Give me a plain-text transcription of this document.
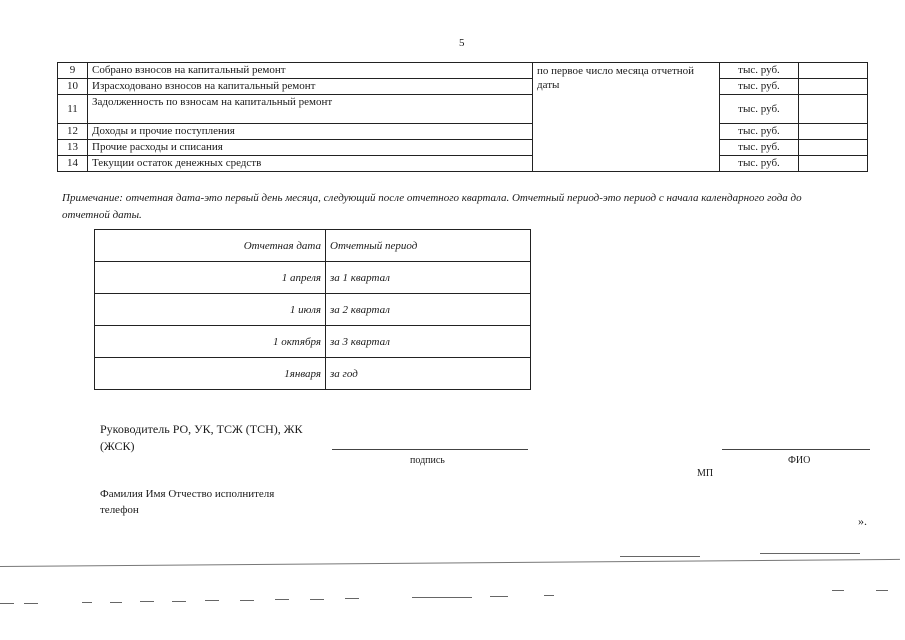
5
9	Собрано взносов на капитальный ремонт	по первое число месяца отчетной даты	тыс. руб.	
10	Израсходовано взносов на капитальный ремонт		тыс. руб.	
11	Задолженность по взносам на капитальный ремонт		тыс. руб.	
12	Доходы и прочие поступления		тыс. руб.	
13	Прочие расходы и списания		тыс. руб.	
14	Текущии остаток денежных средств		тыс. руб.	
Примечание: отчетная дата-это первый день месяца, следующий после отчетного квартала. Отчетный период-это период с начала календарного года до отчетной даты.
Отчетная дата	Отчетный период
1 апреля	за 1 квартал
1 июля	за 2 квартал
1 октября	за 3 квартал
1января	за год
Руководитель РО, УК, ТСЖ (ТСН), ЖК
(ЖСК)
подпись	ФИО
МП
Фамилия Имя Отчество исполнителя
телефон
».
